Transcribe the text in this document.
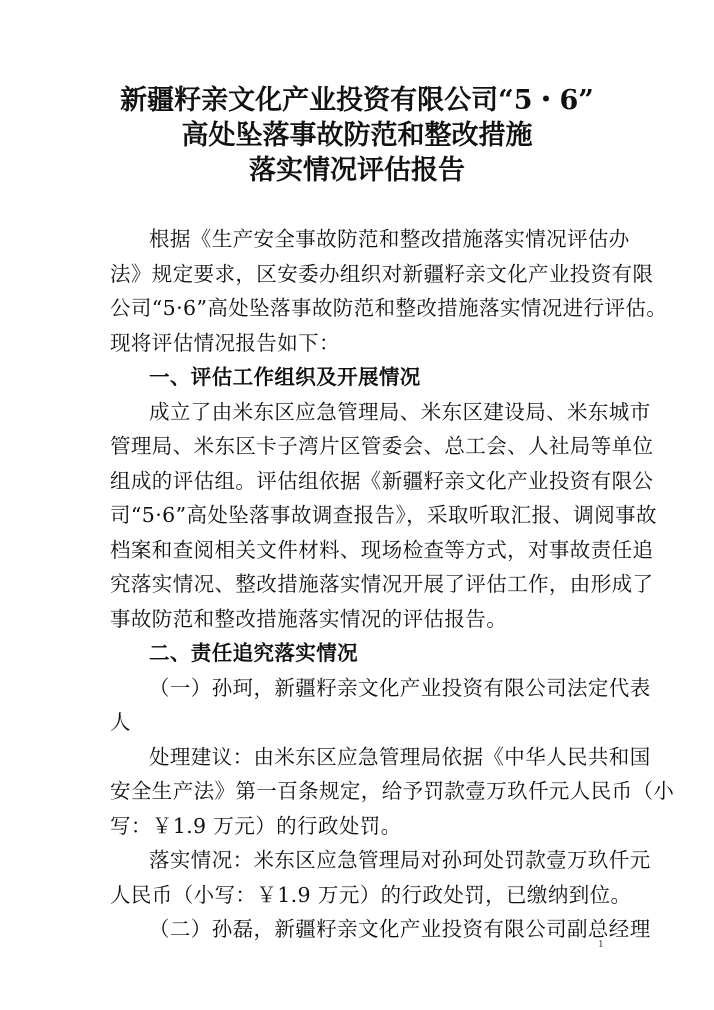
新疆籽亲文化产业投资有限公司“5・6”
高处坠落事故防范和整改措施
落实情况评估报告
根据《生产安全事故防范和整改措施落实情况评估办
法》规定要求，区安委办组织对新疆籽亲文化产业投资有限
公司“5·6”高处坠落事故防范和整改措施落实情况进行评估。
现将评估情况报告如下：
一、评估工作组织及开展情况
成立了由米东区应急管理局、米东区建设局、米东城市
管理局、米东区卡子湾片区管委会、总工会、人社局等单位
组成的评估组。评估组依据《新疆籽亲文化产业投资有限公
司“5·6”高处坠落事故调查报告》，采取听取汇报、调阅事故
档案和查阅相关文件材料、现场检查等方式，对事故责任追
究落实情况、整改措施落实情况开展了评估工作，由形成了
事故防范和整改措施落实情况的评估报告。
二、责任追究落实情况
（一）孙珂，新疆籽亲文化产业投资有限公司法定代表
人
处理建议：由米东区应急管理局依据《中华人民共和国
安全生产法》第一百条规定，给予罚款壹万玖仟元人民币（小
写：￥1.9 万元）的行政处罚。
落实情况：米东区应急管理局对孙珂处罚款壹万玖仟元
人民币（小写：￥1.9 万元）的行政处罚，已缴纳到位。
（二）孙磊，新疆籽亲文化产业投资有限公司副总经理
1
